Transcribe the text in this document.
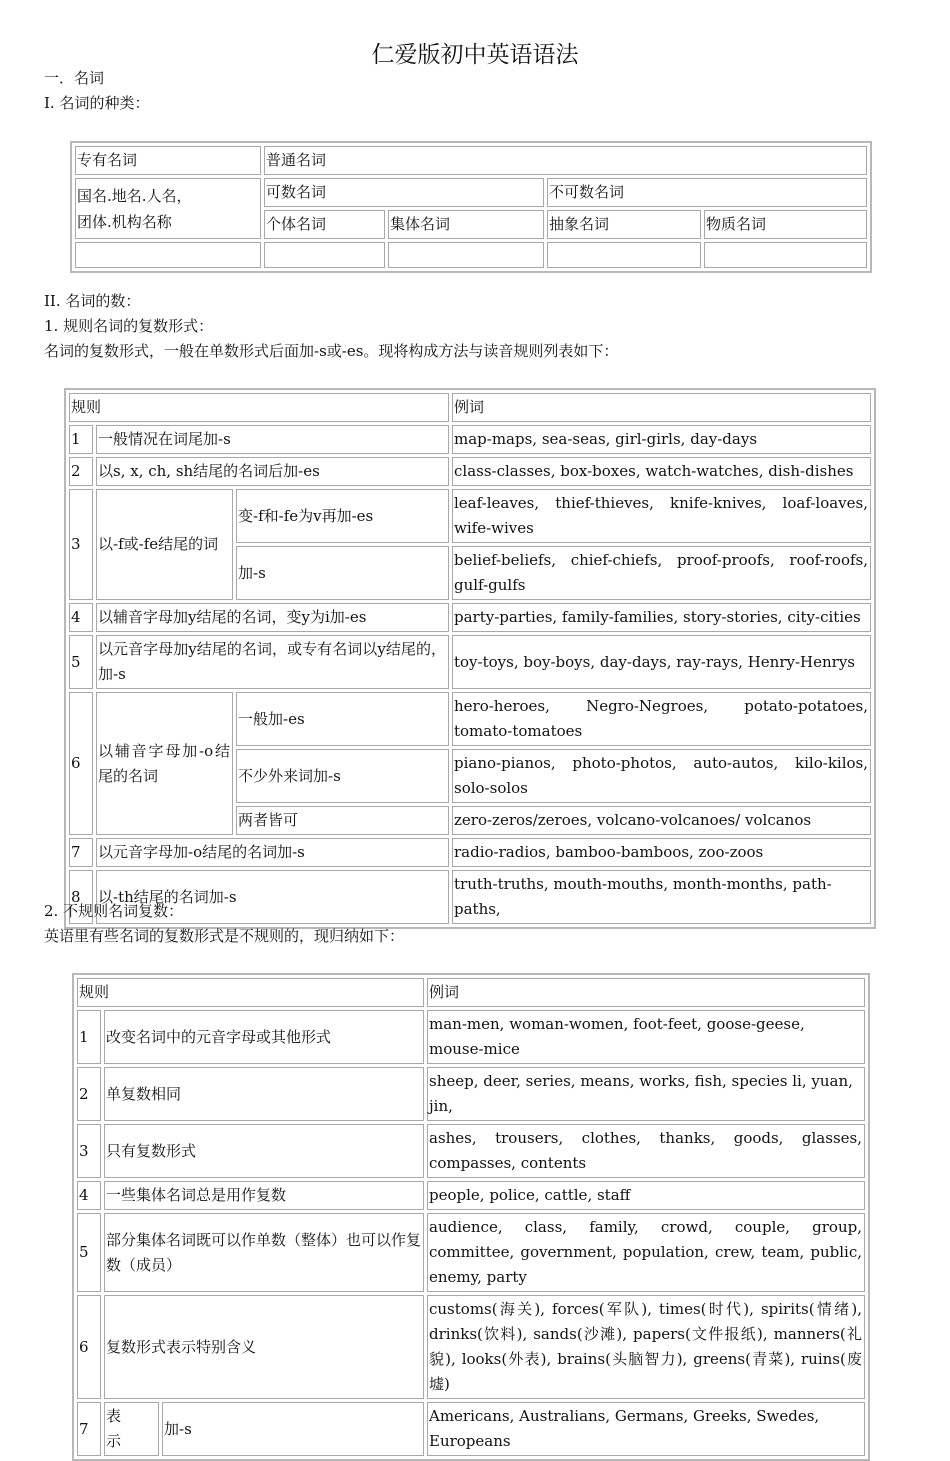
仁爱版初中英语语法
一．名词
I. 名词的种类：
专有名词	普通名词			

国名.地名.人名，
团体.机构名称	可数名词		不可数名词	
	个体名词	集体名词	抽象名词	物质名词

II. 名词的数：
1. 规则名词的复数形式：
名词的复数形式，一般在单数形式后面加-s或-es。现将构成方法与读音规则列表如下：
规则			例词
1	一般情况在词尾加-s		map-maps, sea-seas, girl-girls, day-days
2	以s, x, ch, sh结尾的名词后加-es		class-classes, box-boxes, watch-watches, dish-dishes
3	以-f或-fe结尾的词	变-f和-fe为v再加-es	leaf-leaves, thief-thieves, knife-knives, loaf-loaves, wife-wives
		加-s	belief-beliefs, chief-chiefs, proof-proofs, roof-roofs, gulf-gulfs
4	以辅音字母加y结尾的名词，变y为i加-es		party-parties, family-families, story-stories, city-cities
5	以元音字母加y结尾的名词，或专有名词以y结尾的，加-s		toy-toys, boy-boys, day-days, ray-rays, Henry-Henrys
6	以辅音字母加-o结尾的名词	一般加-es	hero-heroes, Negro-Negroes, potato-potatoes, tomato-tomatoes
		不少外来词加-s	piano-pianos, photo-photos, auto-autos, kilo-kilos, solo-solos
		两者皆可	zero-zeros/zeroes, volcano-volcanoes/ volcanos
7	以元音字母加-o结尾的名词加-s		radio-radios, bamboo-bamboos, zoo-zoos
8	以-th结尾的名词加-s		truth-truths, mouth-mouths, month-months, path-paths,
2. 不规则名词复数：
英语里有些名词的复数形式是不规则的，现归纳如下：
规则			例词
1	改变名词中的元音字母或其他形式		man-men, woman-women, foot-feet, goose-geese, mouse-mice
2	单复数相同		sheep, deer, series, means, works, fish, species li, yuan, jin,
3	只有复数形式		ashes, trousers, clothes, thanks, goods, glasses, compasses, contents
4	一些集体名词总是用作复数		people, police, cattle, staff
5	部分集体名词既可以作单数（整体）也可以作复数（成员）		audience, class, family, crowd, couple, group, committee, government, population, crew, team, public, enemy, party
6	复数形式表示特别含义		customs(海关), forces(军队), times(时代), spirits(情绪), drinks(饮料), sands(沙滩), papers(文件报纸), manners(礼貌), looks(外表), brains(头脑智力), greens(青菜), ruins(废墟)
7	表示	加-s	Americans, Australians, Germans, Greeks, Swedes, Europeans
